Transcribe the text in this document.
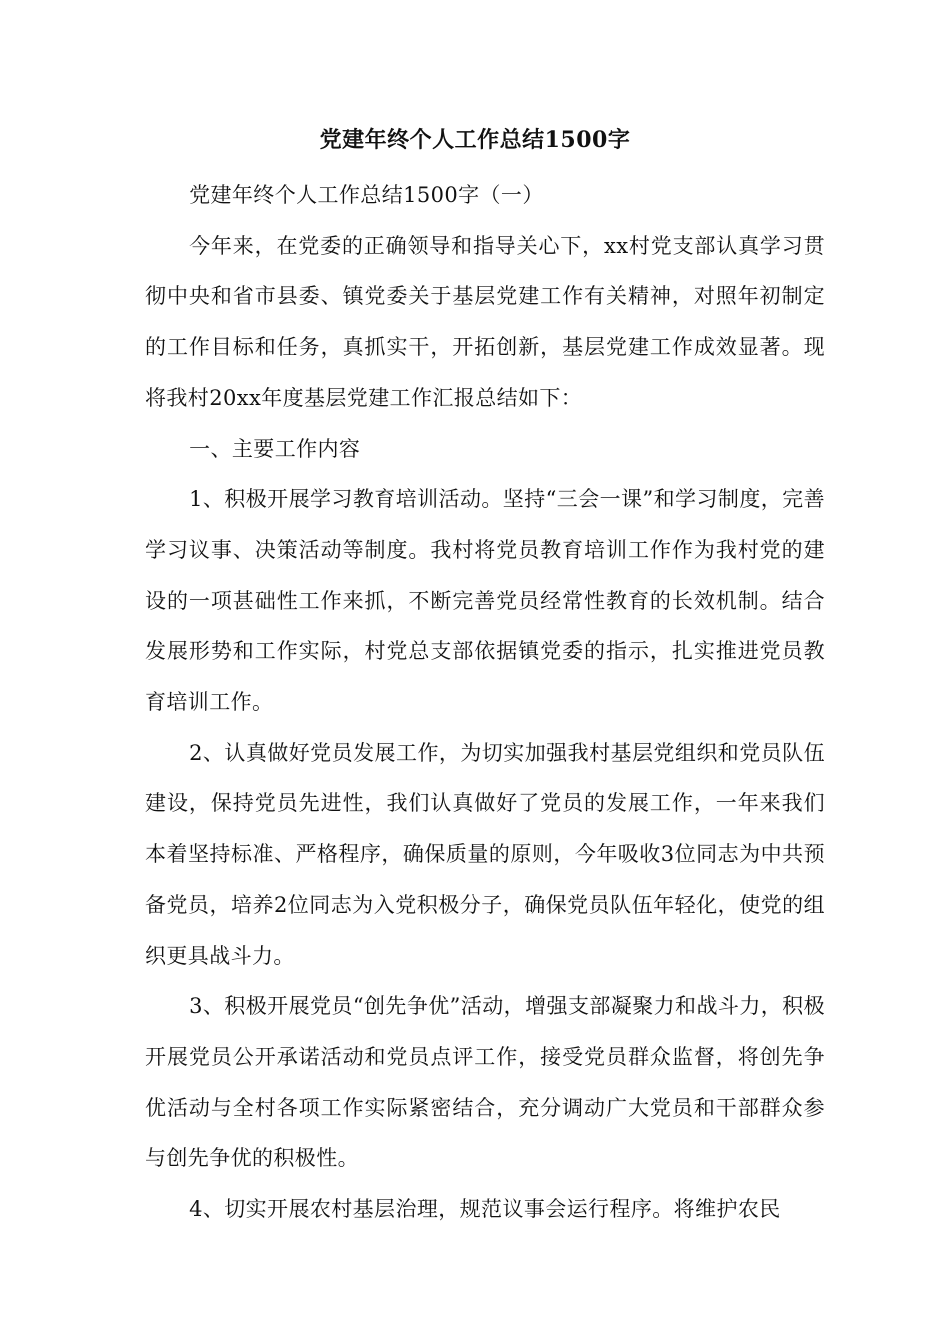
党建年终个人工作总结1500字

党建年终个人工作总结1500字（一）

今年来，在党委的正确领导和指导关心下，xx村党支部认真学习贯彻中央和省市县委、镇党委关于基层党建工作有关精神，对照年初制定的工作目标和任务，真抓实干，开拓创新，基层党建工作成效显著。现将我村20xx年度基层党建工作汇报总结如下：

一、主要工作内容

1、积极开展学习教育培训活动。坚持“三会一课”和学习制度，完善学习议事、决策活动等制度。我村将党员教育培训工作作为我村党的建设的一项甚础性工作来抓，不断完善党员经常性教育的长效机制。结合发展形势和工作实际，村党总支部依据镇党委的指示，扎实推进党员教育培训工作。

2、认真做好党员发展工作，为切实加强我村基层党组织和党员队伍建设，保持党员先进性，我们认真做好了党员的发展工作，一年来我们本着坚持标准、严格程序，确保质量的原则，今年吸收3位同志为中共预备党员，培养2位同志为入党积极分子，确保党员队伍年轻化，使党的组织更具战斗力。

3、积极开展党员“创先争优”活动，增强支部凝聚力和战斗力，积极开展党员公开承诺活动和党员点评工作，接受党员群众监督，将创先争优活动与全村各项工作实际紧密结合，充分调动广大党员和干部群众参与创先争优的积极性。

4、切实开展农村基层治理，规范议事会运行程序。将维护农民
